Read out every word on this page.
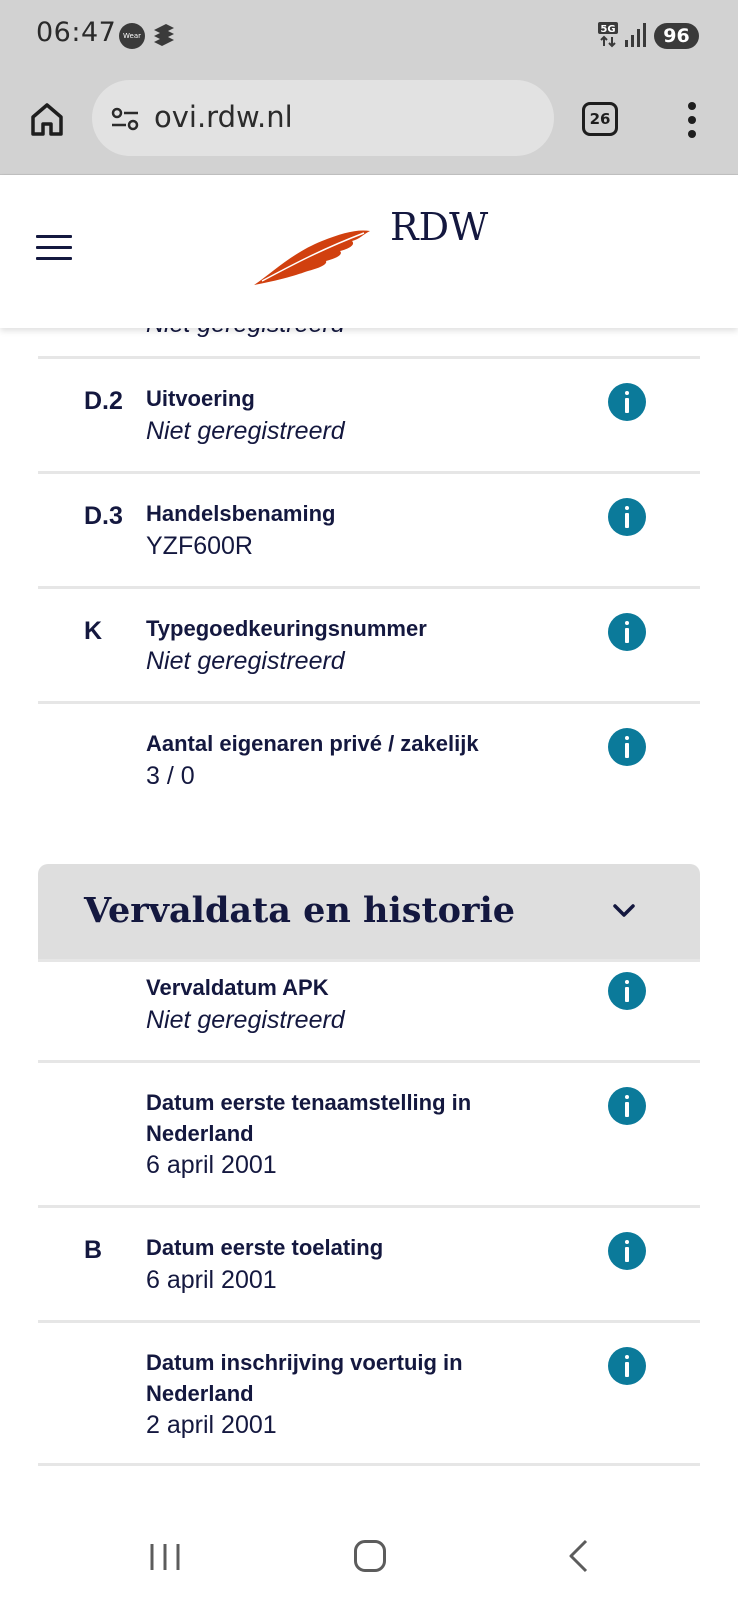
06:47 Wear
5G	96
ovi.rdw.nl	26
RDW
D.2 Uitvoering
Niet geregistreerd
D.3 Handelsbenaming
YZF600R
K Typegoedkeuringsnummer
Niet geregistreerd
Aantal eigenaren privé / zakelijk
3 / 0
Vervaldata en historie
Vervaldatum APK
Niet geregistreerd
Datum eerste tenaamstelling in Nederland
6 april 2001
B Datum eerste toelating
6 april 2001
Datum inschrijving voertuig in Nederland
2 april 2001
